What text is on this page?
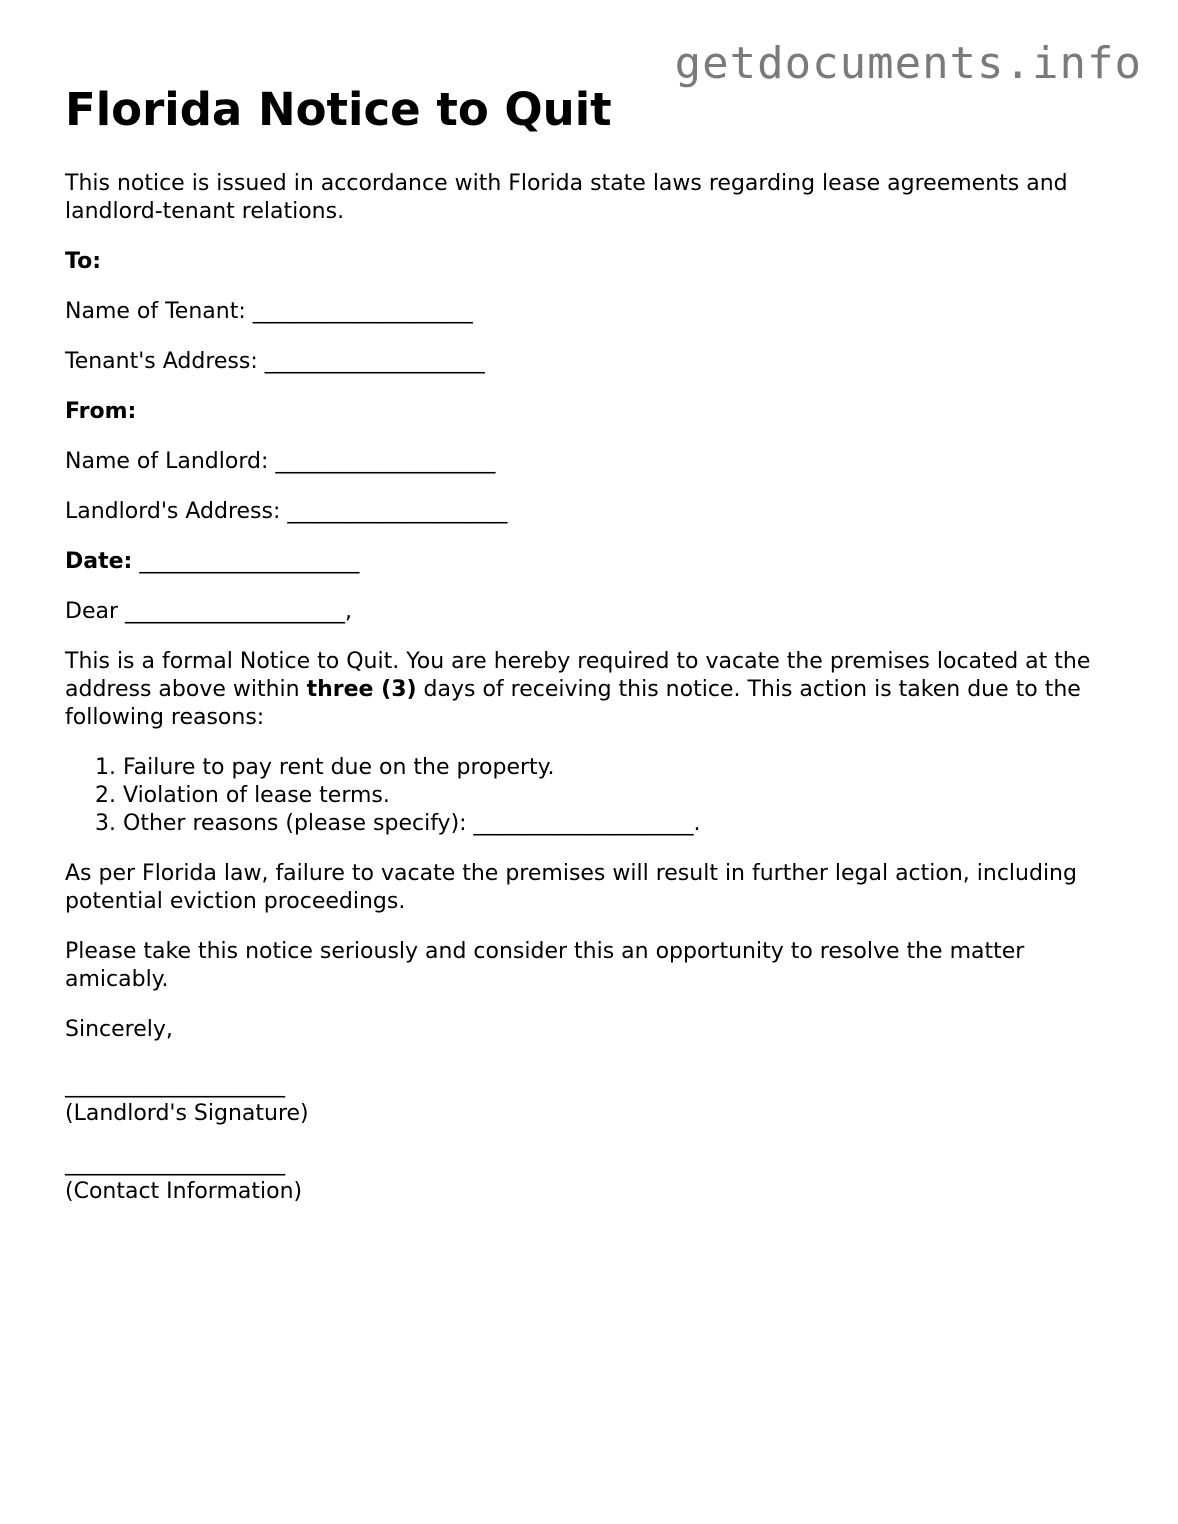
getdocuments.info
Florida Notice to Quit

This notice is issued in accordance with Florida state laws regarding lease agreements and landlord-tenant relations.

To:

Name of Tenant: ____________________

Tenant's Address: ____________________

From:

Name of Landlord: ____________________

Landlord's Address: ____________________

Date: ____________________

Dear ____________________,

This is a formal Notice to Quit. You are hereby required to vacate the premises located at the address above within three (3) days of receiving this notice. This action is taken due to the following reasons:

1. Failure to pay rent due on the property.
2. Violation of lease terms.
3. Other reasons (please specify): ____________________.

As per Florida law, failure to vacate the premises will result in further legal action, including potential eviction proceedings.

Please take this notice seriously and consider this an opportunity to resolve the matter amicably.

Sincerely,

____________________

(Landlord's Signature)

____________________

(Contact Information)
